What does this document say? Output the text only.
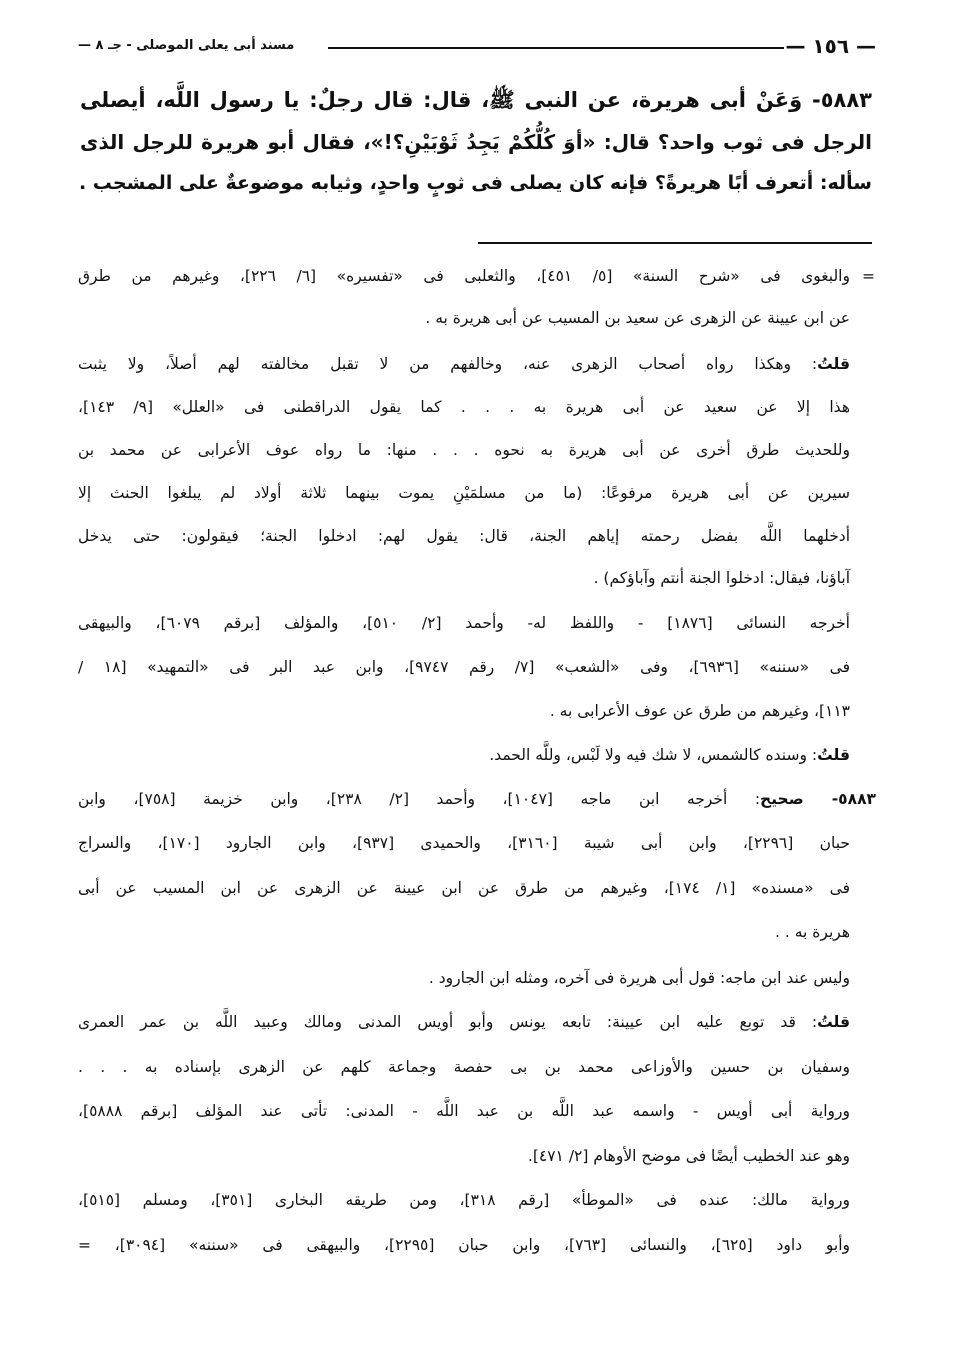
— ١٥٦ —
مسند أبى يعلى الموصلى - جـ ٨ —
٥٨٨٣- وَعَنْ أبى هريرة، عن النبى ﷺ، قال: قال رجلٌ: يا رسول اللَّه، أيصلى
الرجل فى ثوب واحد؟ قال: «أوَ كُلُّكُمْ يَجِدُ ثَوْبَيْنِ؟!»، فقال أبو هريرة للرجل الذى
سأله: أتعرف أبًا هريرةً؟ فإنه كان يصلى فى ثوبٍ واحدٍ، وثيابه موضوعةٌ على المشجب .
والبغوى فى «شرح السنة» [٥/ ٤٥١]، والثعلبى فى «تفسيره» [٦/ ٢٢٦]، وغيرهم من طرق =
عن ابن عيينة عن الزهرى عن سعيد بن المسيب عن أبى هريرة به .
قلتُ: وهكذا رواه أصحاب الزهرى عنه، وخالفهم من لا تقبل مخالفته لهم أصلاً، ولا يثبت
هذا إلا عن سعيد عن أبى هريرة به . . . كما يقول الدراقطنى فى «العلل» [٩/ ١٤٣]،
وللحديث طرق أخرى عن أبى هريرة به نحوه . . . منها: ما رواه عوف الأعرابى عن محمد بن
سيرين عن أبى هريرة مرفوعًا: (ما من مسلمَيْنِ يموت بينهما ثلاثة أولاد لم يبلغوا الحنث إلا
أدخلهما اللَّه بفضل رحمته إياهم الجنة، قال: يقول لهم: ادخلوا الجنة؛ فيقولون: حتى يدخل
آباؤنا، فيقال: ادخلوا الجنة أنتم وآباؤكم) .
أخرجه النسائى [١٨٧٦] - واللفظ له- وأحمد [٢/ ٥١٠]، والمؤلف [برقم ٦٠٧٩]، والبيهقى
فى «سننه» [٦٩٣٦]، وفى «الشعب» [٧/ رقم ٩٧٤٧]، وابن عبد البر فى «التمهيد» [١٨ /
١١٣]، وغيرهم من طرق عن عوف الأعرابى به .
قلتُ: وسنده كالشمس، لا شك فيه ولا لَبْس، وللَّه الحمد.
٥٨٨٣- صحيح: أخرجه ابن ماجه [١٠٤٧]، وأحمد [٢/ ٢٣٨]، وابن خزيمة [٧٥٨]، وابن
حبان [٢٢٩٦]، وابن أبى شيبة [٣١٦٠]، والحميدى [٩٣٧]، وابن الجارود [١٧٠]، والسراج
فى «مسنده» [١/ ١٧٤]، وغيرهم من طرق عن ابن عيينة عن الزهرى عن ابن المسيب عن أبى
هريرة به . .
وليس عند ابن ماجه: قول أبى هريرة فى آخره، ومثله ابن الجارود .
قلتُ: قد توبع عليه ابن عيينة: تابعه يونس وأبو أويس المدنى ومالك وعبيد اللَّه بن عمر العمرى
وسفيان بن حسين والأوزاعى محمد بن بى حفصة وجماعة كلهم عن الزهرى بإسناده به . . .
ورواية أبى أويس - واسمه عبد اللَّه بن عبد اللَّه - المدنى: تأتى عند المؤلف [برقم ٥٨٨٨]،
وهو عند الخطيب أيضًا فى موضح الأوهام [٢/ ٤٧١].
ورواية مالك: عنده فى «الموطأ» [رقم ٣١٨]، ومن طريقه البخارى [٣٥١]، ومسلم [٥١٥]،
وأبو داود [٦٢٥]، والنسائى [٧٦٣]، وابن حبان [٢٢٩٥]، والبيهقى فى «سننه» [٣٠٩٤]، =
